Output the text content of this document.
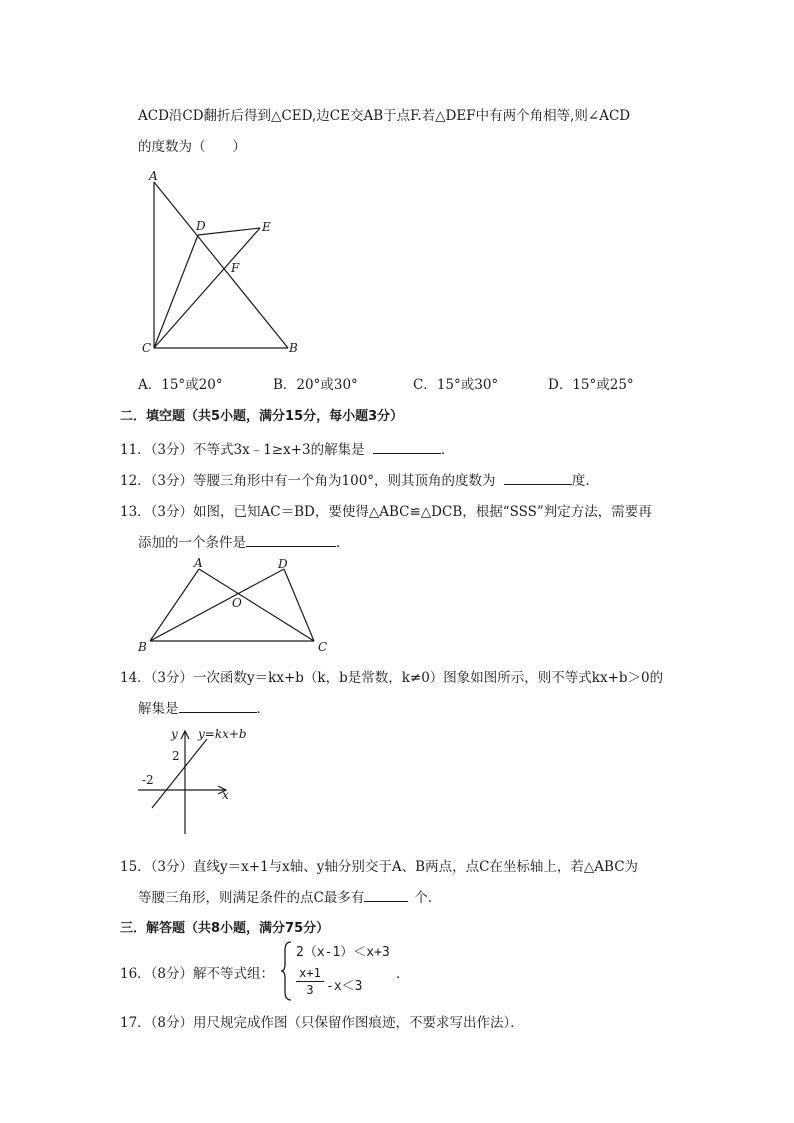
ACD沿CD翻折后得到△CED,边CE交AB于点F.若△DEF中有两个角相等,则∠ACD
的度数为（　　）
A
D	E
F
C	B
A．15°或20°	B．20°或30°	C．15°或30°	D．15°或25°
二．填空题（共5小题，满分15分，每小题3分）
11．（3分）不等式3x﹣1≥x+3的解集是	．
12．（3分）等腰三角形中有一个角为100°，则其顶角的度数为	度.
13．（3分）如图，已知AC＝BD，要使得△ABC≌△DCB，根据“SSS”判定方法，需要再
添加的一个条件是	．
A	D
O
B	C
14．（3分）一次函数y＝kx+b（k，b是常数，k≠0）图象如图所示，则不等式kx+b＞0的
解集是	．
y y=kx+b
2
-2
x
15．（3分）直线y＝x+1与x轴、y轴分别交于A、B两点，点C在坐标轴上，若△ABC为
等腰三角形，则满足条件的点C最多有	个．
三．解答题（共8小题，满分75分）
16．（8分）解不等式组：
2（x-1）＜x+3
x+1
3 -x＜3
．
17．（8分）用尺规完成作图（只保留作图痕迹，不要求写出作法）．
